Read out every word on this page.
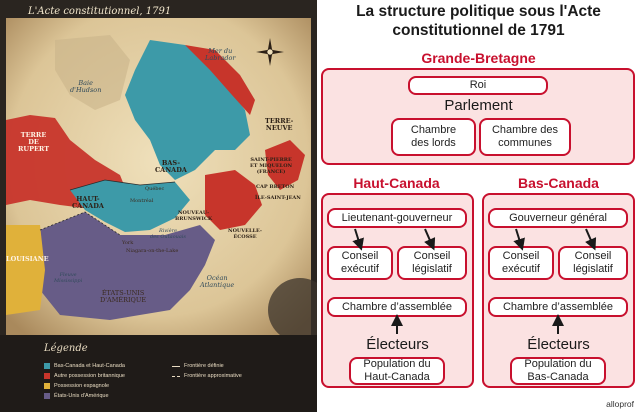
L'Acte constitutionnel, 1791
Mer du
Labrador
Baie
d'Hudson
TERRE
DE
RUPERT
TERRE-
NEUVE
BAS-
CANADA
SAINT-PIERRE
ET MIQUELON
(FRANCE)
CAP BRETON
ÎLE-SAINT-JEAN
Québec
Montréal
HAUT-
CANADA
NOUVEAU-
BRUNSWICK
NOUVELLE-
ÉCOSSE
York
Niagara-on-the-Lake
Rivière
des Outaouais
LOUISIANE
Fleuve
Mississippi
ÉTATS-UNIS
D'AMÉRIQUE
Océan
Atlantique
Légende
Bas-Canada et Haut-Canada
Autre possession britannique
Possession espagnole
États-Unis d'Amérique
Frontière définie
Frontière approximative
La structure politique sous l'Acte
constitutionnel de 1791
Grande-Bretagne
Roi
Parlement
Chambre
des lords
Chambre des
communes
Haut-Canada	Bas-Canada
Lieutenant-gouverneur
Conseil
exécutif
Conseil
législatif
Chambre d’assemblée
Électeurs
Population du
Haut-Canada
Gouverneur général
Conseil
exécutif
Conseil
législatif
Chambre d’assemblée
Électeurs
Population du
Bas-Canada
alloprof
